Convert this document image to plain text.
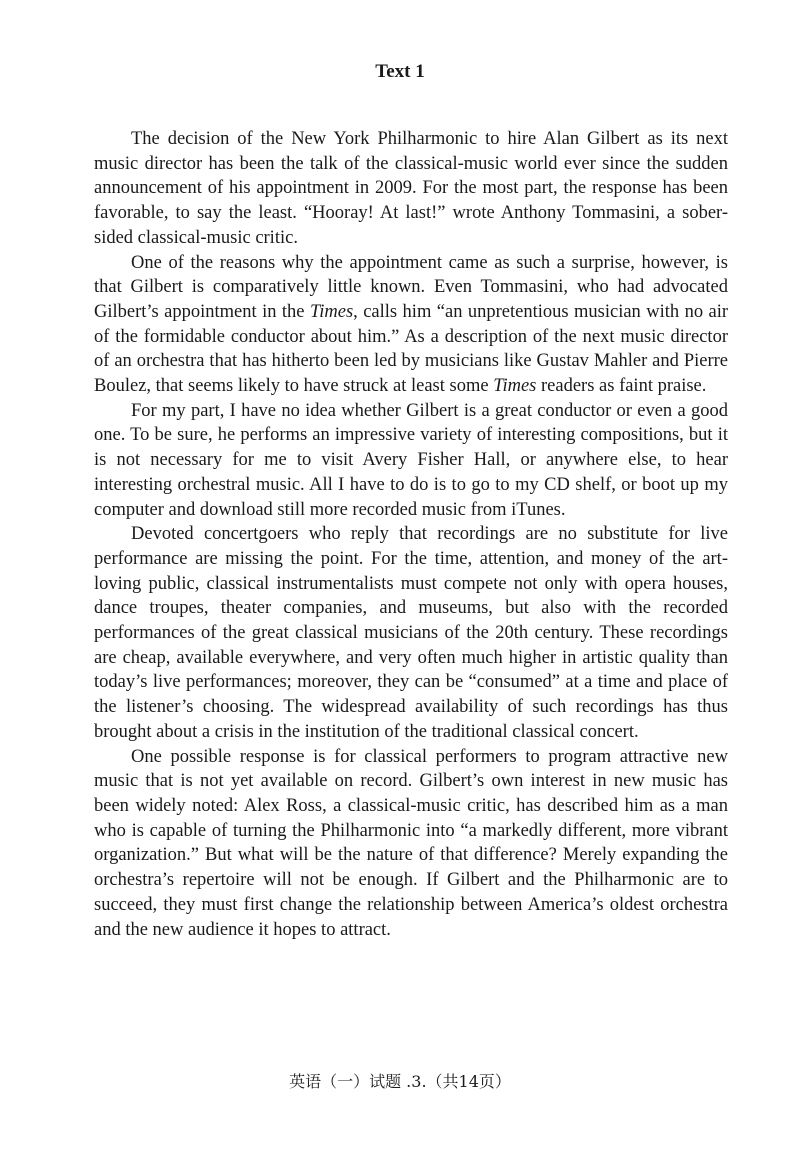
Text 1

The decision of the New York Philharmonic to hire Alan Gilbert as its next music director has been the talk of the classical-music world ever since the sudden announcement of his appointment in 2009. For the most part, the response has been favorable, to say the least. “Hooray! At last!” wrote Anthony Tommasini, a sober-sided classical-music critic.

One of the reasons why the appointment came as such a surprise, however, is that Gilbert is comparatively little known. Even Tommasini, who had advocated Gilbert’s appointment in the Times, calls him “an unpretentious musician with no air of the formidable conductor about him.” As a description of the next music director of an orchestra that has hitherto been led by musicians like Gustav Mahler and Pierre Boulez, that seems likely to have struck at least some Times readers as faint praise.

For my part, I have no idea whether Gilbert is a great conductor or even a good one. To be sure, he performs an impressive variety of interesting compositions, but it is not necessary for me to visit Avery Fisher Hall, or anywhere else, to hear interesting orchestral music. All I have to do is to go to my CD shelf, or boot up my computer and download still more recorded music from iTunes.

Devoted concertgoers who reply that recordings are no substitute for live performance are missing the point. For the time, attention, and money of the art-loving public, classical instrumentalists must compete not only with opera houses, dance troupes, theater companies, and museums, but also with the recorded performances of the great classical musicians of the 20th century. These recordings are cheap, available everywhere, and very often much higher in artistic quality than today’s live performances; moreover, they can be “consumed” at a time and place of the listener’s choosing. The widespread availability of such recordings has thus brought about a crisis in the institution of the traditional classical concert.

One possible response is for classical performers to program attractive new music that is not yet available on record. Gilbert’s own interest in new music has been widely noted: Alex Ross, a classical-music critic, has described him as a man who is capable of turning the Philharmonic into “a markedly different, more vibrant organization.” But what will be the nature of that difference? Merely expanding the orchestra’s repertoire will not be enough. If Gilbert and the Philharmonic are to succeed, they must first change the relationship between America’s oldest orchestra and the new audience it hopes to attract.

英语（一）试题 .3.（共14页）
